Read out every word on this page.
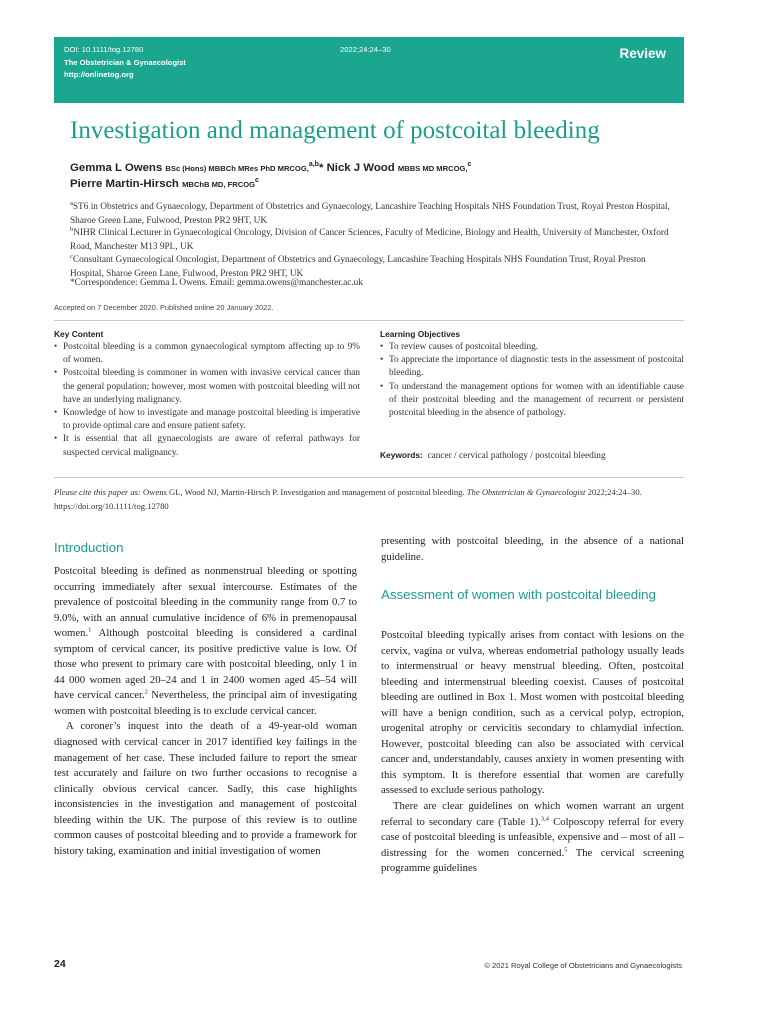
DOI: 10.1111/tog.12780	2022;24:24–30
The Obstetrician & Gynaecologist
http://onlinetog.org
Review
Investigation and management of postcoital bleeding
Gemma L Owens BSc (Hons) MBBCh MRes PhD MRCOG,$^{a,b}$* Nick J Wood MBBS MD MRCOG,$^c$
Pierre Martin-Hirsch MBChB MD, FRCOG$^c$
$^a$ST6 in Obstetrics and Gynaecology, Department of Obstetrics and Gynaecology, Lancashire Teaching Hospitals NHS Foundation Trust, Royal Preston Hospital, Sharoe Green Lane, Fulwood, Preston PR2 9HT, UK
$^b$NIHR Clinical Lecturer in Gynaecological Oncology, Division of Cancer Sciences, Faculty of Medicine, Biology and Health, University of Manchester, Oxford Road, Manchester M13 9PL, UK
$^c$Consultant Gynaecological Oncologist, Department of Obstetrics and Gynaecology, Lancashire Teaching Hospitals NHS Foundation Trust, Royal Preston Hospital, Sharoe Green Lane, Fulwood, Preston PR2 9HT, UK
*Correspondence: Gemma L Owens. Email: gemma.owens@manchester.ac.uk
Accepted on 7 December 2020. Published online 20 January 2022.
Key Content
• Postcoital bleeding is a common gynaecological symptom affecting up to 9% of women.
• Postcoital bleeding is commoner in women with invasive cervical cancer than the general population; however, most women with postcoital bleeding will not have an underlying malignancy.
• Knowledge of how to investigate and manage postcoital bleeding is imperative to provide optimal care and ensure patient safety.
• It is essential that all gynaecologists are aware of referral pathways for suspected cervical malignancy.
Learning Objectives
• To review causes of postcoital bleeding.
• To appreciate the importance of diagnostic tests in the assessment of postcoital bleeding.
• To understand the management options for women with an identifiable cause of their postcoital bleeding and the management of recurrent or persistent postcoital bleeding in the absence of pathology.
Keywords: cancer / cervical pathology / postcoital bleeding
Please cite this paper as: Owens GL, Wood NJ, Martin-Hirsch P. Investigation and management of postcoital bleeding. The Obstetrician & Gynaecologist 2022;24:24–30. https://doi.org/10.1111/tog.12780
Introduction

Postcoital bleeding is defined as nonmenstrual bleeding or spotting occurring immediately after sexual intercourse. Estimates of the prevalence of postcoital bleeding in the community range from 0.7 to 9.0%, with an annual cumulative incidence of 6% in premenopausal women.$^1$ Although postcoital bleeding is considered a cardinal symptom of cervical cancer, its positive predictive value is low. Of those who present to primary care with postcoital bleeding, only 1 in 44 000 women aged 20–24 and 1 in 2400 women aged 45–54 will have cervical cancer.$^2$ Nevertheless, the principal aim of investigating women with postcoital bleeding is to exclude cervical cancer.

A coroner’s inquest into the death of a 49-year-old woman diagnosed with cervical cancer in 2017 identified key failings in the management of her case. These included failure to report the smear test accurately and failure on two further occasions to recognise a clinically obvious cervical cancer. Sadly, this case highlights inconsistencies in the investigation and management of postcoital bleeding within the UK. The purpose of this review is to outline common causes of postcoital bleeding and to provide a framework for history taking, examination and initial investigation of women

presenting with postcoital bleeding, in the absence of a national guideline.

Assessment of women with postcoital bleeding

Postcoital bleeding typically arises from contact with lesions on the cervix, vagina or vulva, whereas endometrial pathology usually leads to intermenstrual or heavy menstrual bleeding. Often, postcoital bleeding and intermenstrual bleeding coexist. Causes of postcoital bleeding are outlined in Box 1. Most women with postcoital bleeding will have a benign condition, such as a cervical polyp, ectropion, urogenital atrophy or cervicitis secondary to chlamydial infection. However, postcoital bleeding can also be associated with cervical cancer and, understandably, causes anxiety in women presenting with this symptom. It is therefore essential that women are carefully assessed to exclude serious pathology.

There are clear guidelines on which women warrant an urgent referral to secondary care (Table 1).$^{3,4}$ Colposcopy referral for every case of postcoital bleeding is unfeasible, expensive and – most of all – distressing for the women concerned.$^5$ The cervical screening programme guidelines

24	© 2021 Royal College of Obstetricians and Gynaecologists
